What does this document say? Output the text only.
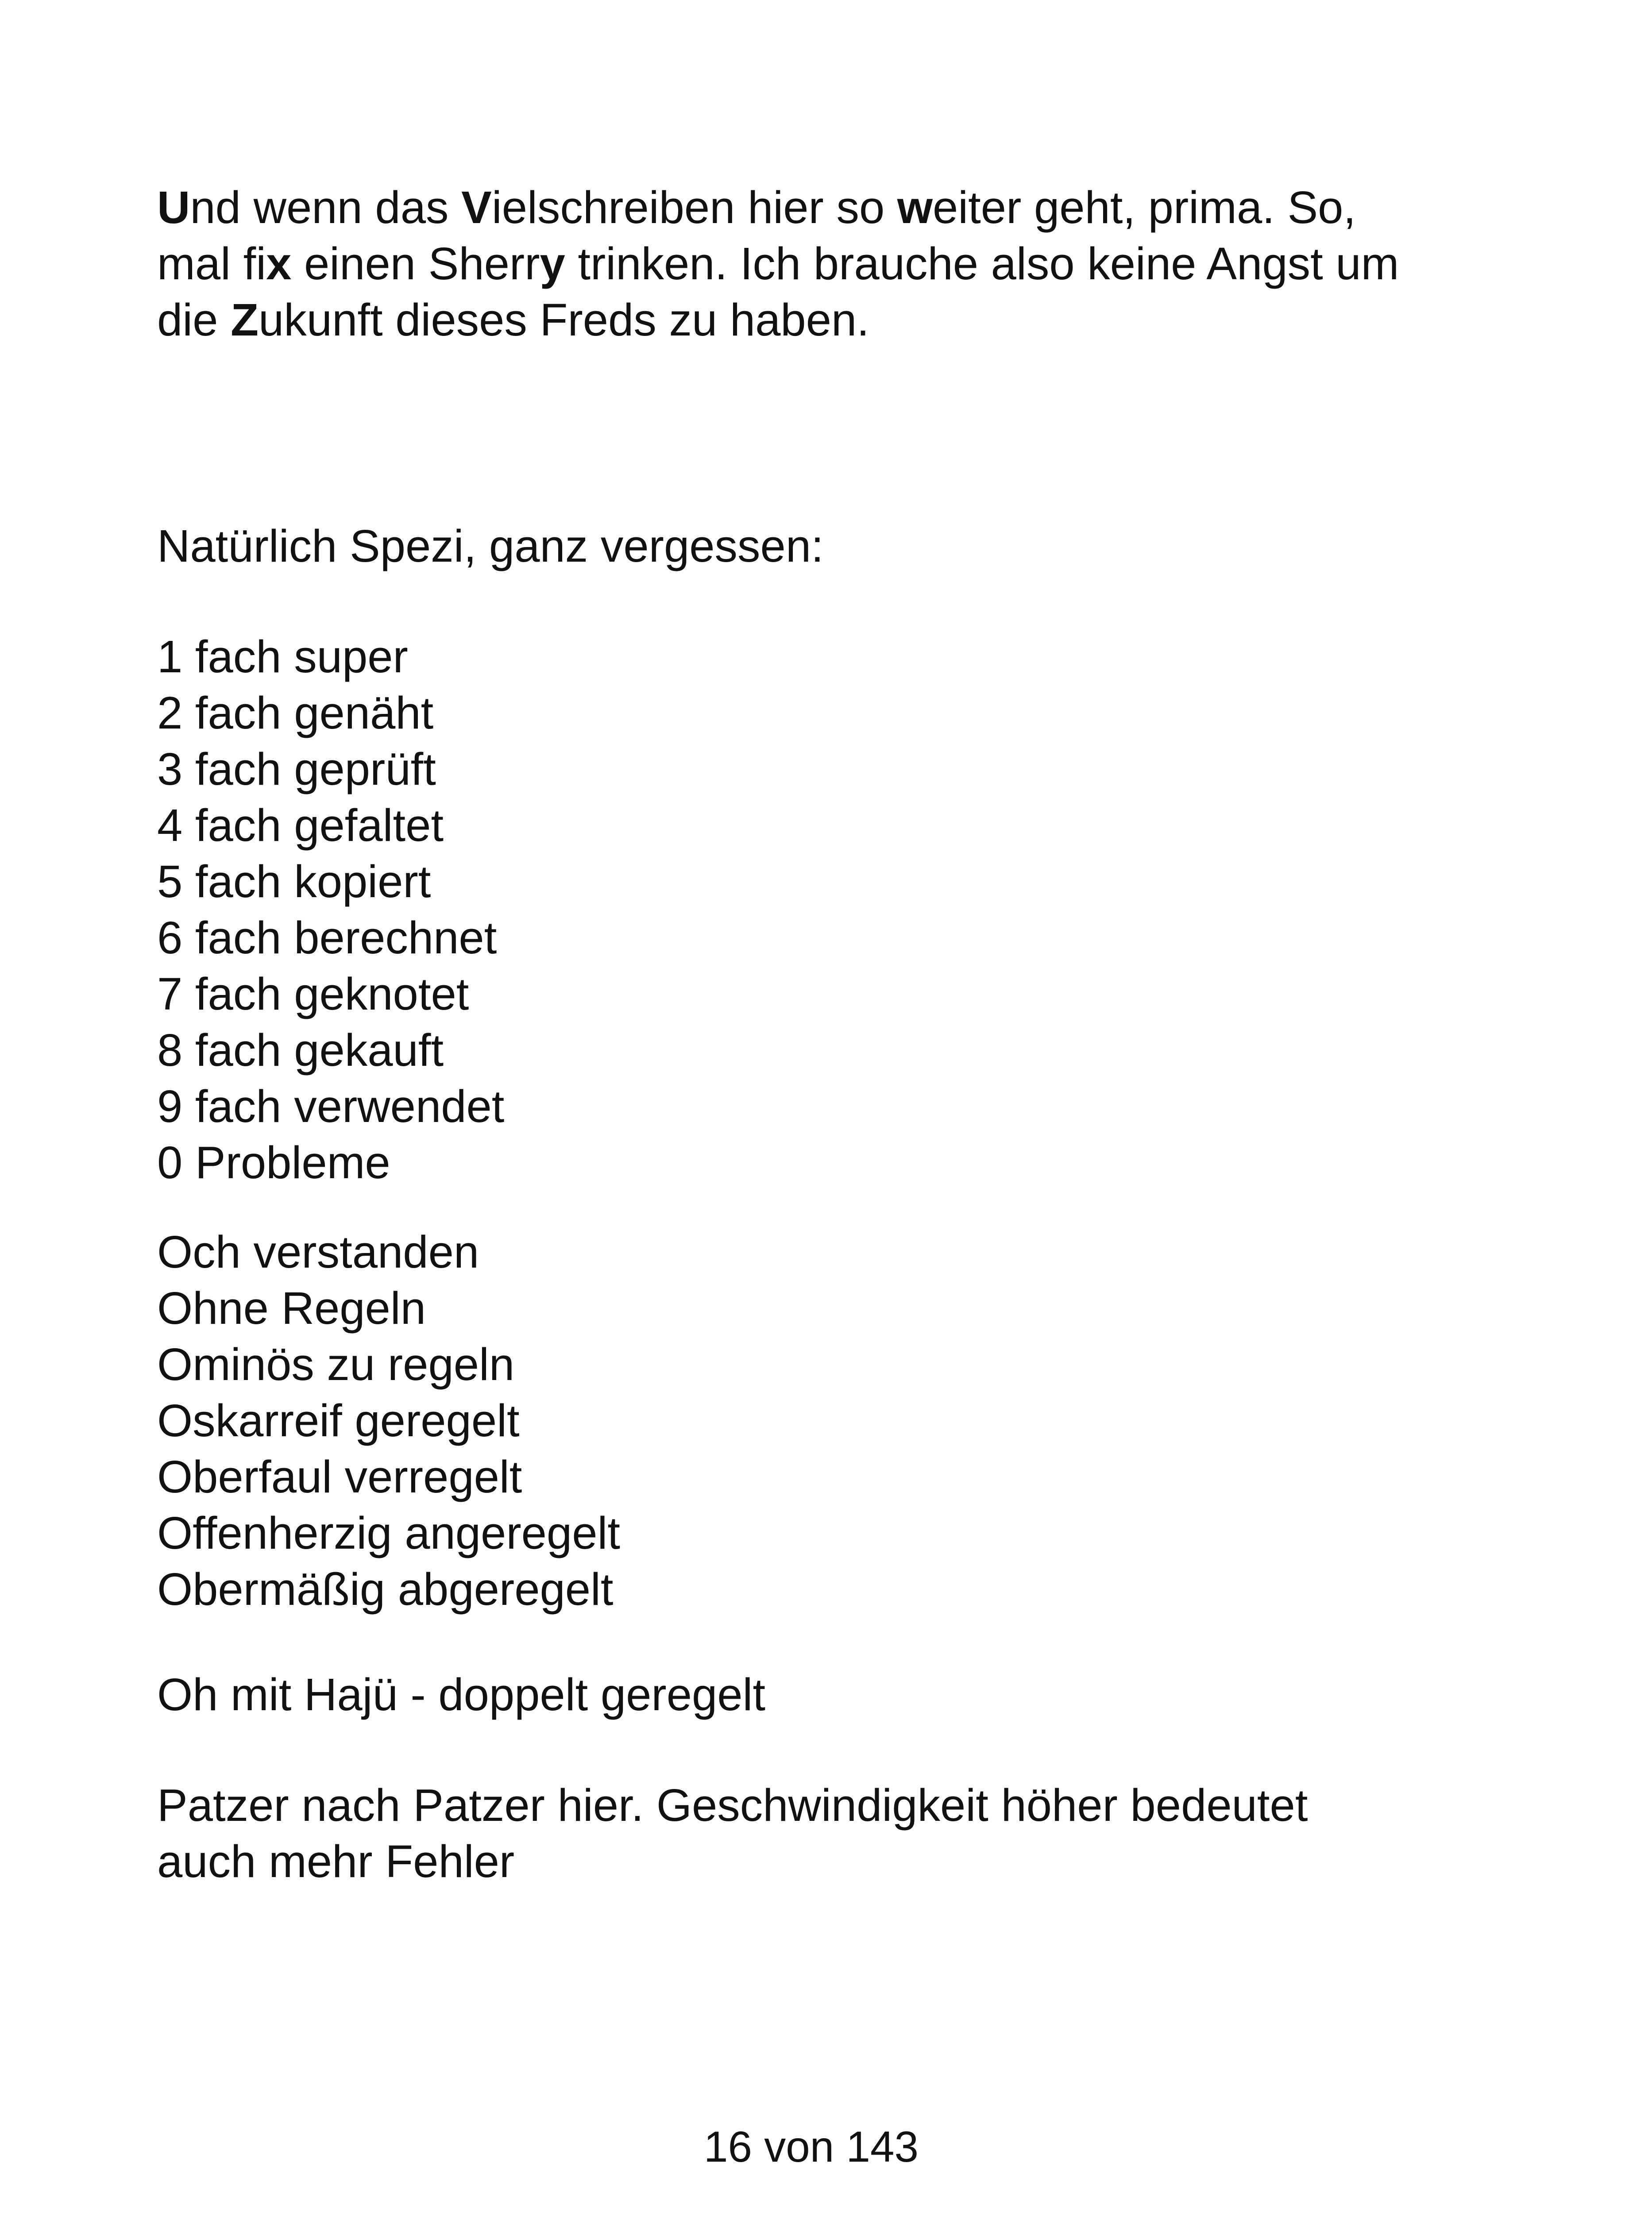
Und wenn das Vielschreiben hier so weiter geht, prima. So,
mal fix einen Sherry trinken. Ich brauche also keine Angst um
die Zukunft dieses Freds zu haben.

Natürlich Spezi, ganz vergessen:

1 fach super
2 fach genäht
3 fach geprüft
4 fach gefaltet
5 fach kopiert
6 fach berechnet
7 fach geknotet
8 fach gekauft
9 fach verwendet
0 Probleme

Och verstanden
Ohne Regeln
Ominös zu regeln
Oskarreif geregelt
Oberfaul verregelt
Offenherzig angeregelt
Obermäßig abgeregelt

Oh mit Hajü - doppelt geregelt

Patzer nach Patzer hier. Geschwindigkeit höher bedeutet
auch mehr Fehler

16 von 143
